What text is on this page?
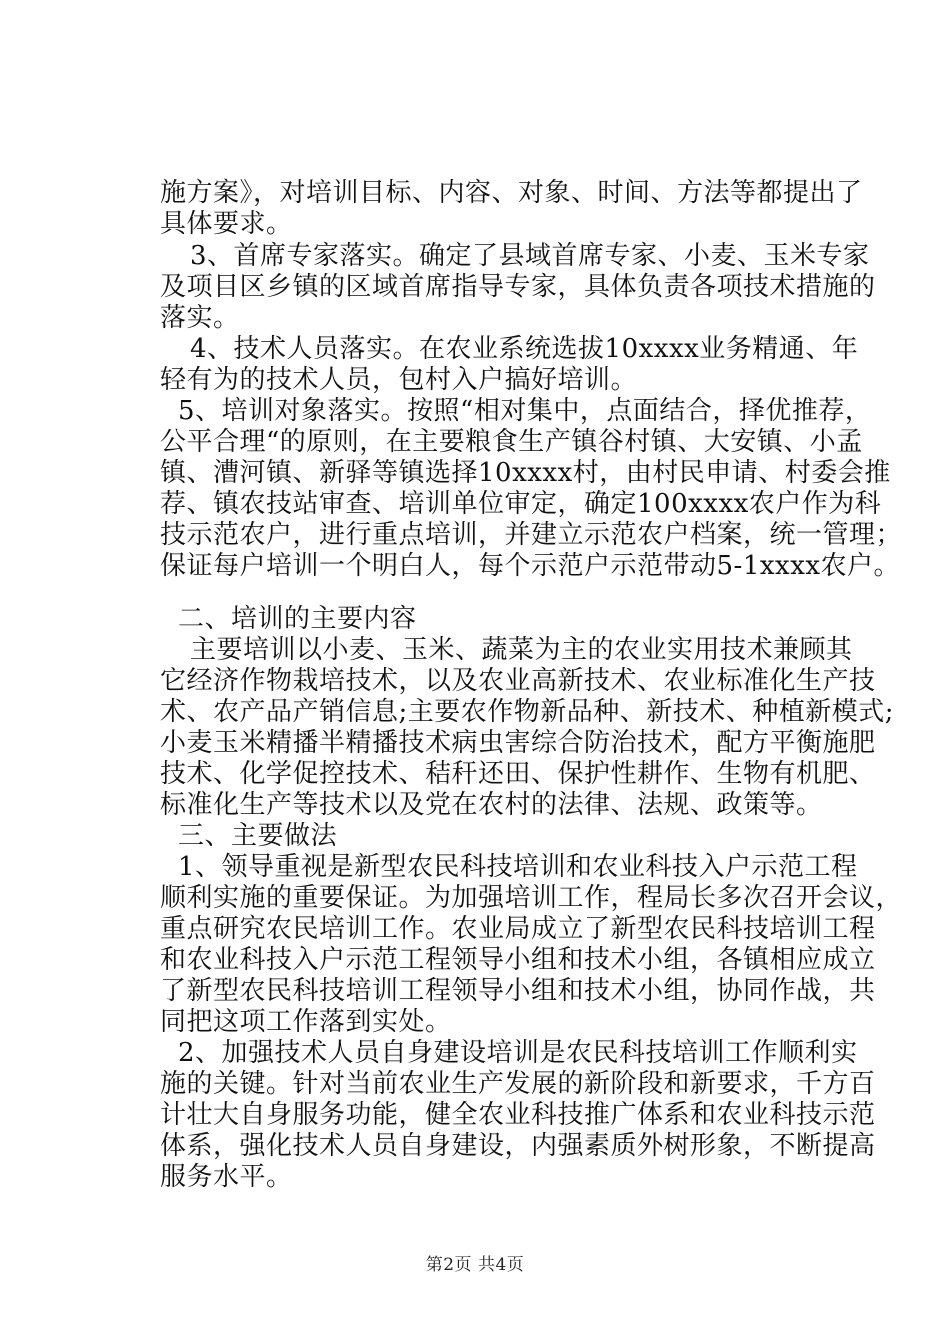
施方案》，对培训目标、内容、对象、时间、方法等都提出了
具体要求。
3、首席专家落实。确定了县域首席专家、小麦、玉米专家
及项目区乡镇的区域首席指导专家，具体负责各项技术措施的
落实。
4、技术人员落实。在农业系统选拔10xxxx业务精通、年
轻有为的技术人员，包村入户搞好培训。
5、培训对象落实。按照“相对集中，点面结合，择优推荐，
公平合理“的原则，在主要粮食生产镇谷村镇、大安镇、小孟
镇、漕河镇、新驿等镇选择10xxxx村，由村民申请、村委会推
荐、镇农技站审查、培训单位审定，确定100xxxx农户作为科
技示范农户，进行重点培训，并建立示范农户档案，统一管理；
保证每户培训一个明白人，每个示范户示范带动5-1xxxx农户。
二、培训的主要内容
主要培训以小麦、玉米、蔬菜为主的农业实用技术兼顾其
它经济作物栽培技术，以及农业高新技术、农业标准化生产技
术、农产品产销信息;主要农作物新品种、新技术、种植新模式;
小麦玉米精播半精播技术病虫害综合防治技术，配方平衡施肥
技术、化学促控技术、秸秆还田、保护性耕作、生物有机肥、
标准化生产等技术以及党在农村的法律、法规、政策等。
三、主要做法
1、领导重视是新型农民科技培训和农业科技入户示范工程
顺利实施的重要保证。为加强培训工作，程局长多次召开会议，
重点研究农民培训工作。农业局成立了新型农民科技培训工程
和农业科技入户示范工程领导小组和技术小组，各镇相应成立
了新型农民科技培训工程领导小组和技术小组，协同作战，共
同把这项工作落到实处。
2、加强技术人员自身建设培训是农民科技培训工作顺利实
施的关键。针对当前农业生产发展的新阶段和新要求，千方百
计壮大自身服务功能，健全农业科技推广体系和农业科技示范
体系，强化技术人员自身建设，内强素质外树形象，不断提高
服务水平。
第2页 共4页
